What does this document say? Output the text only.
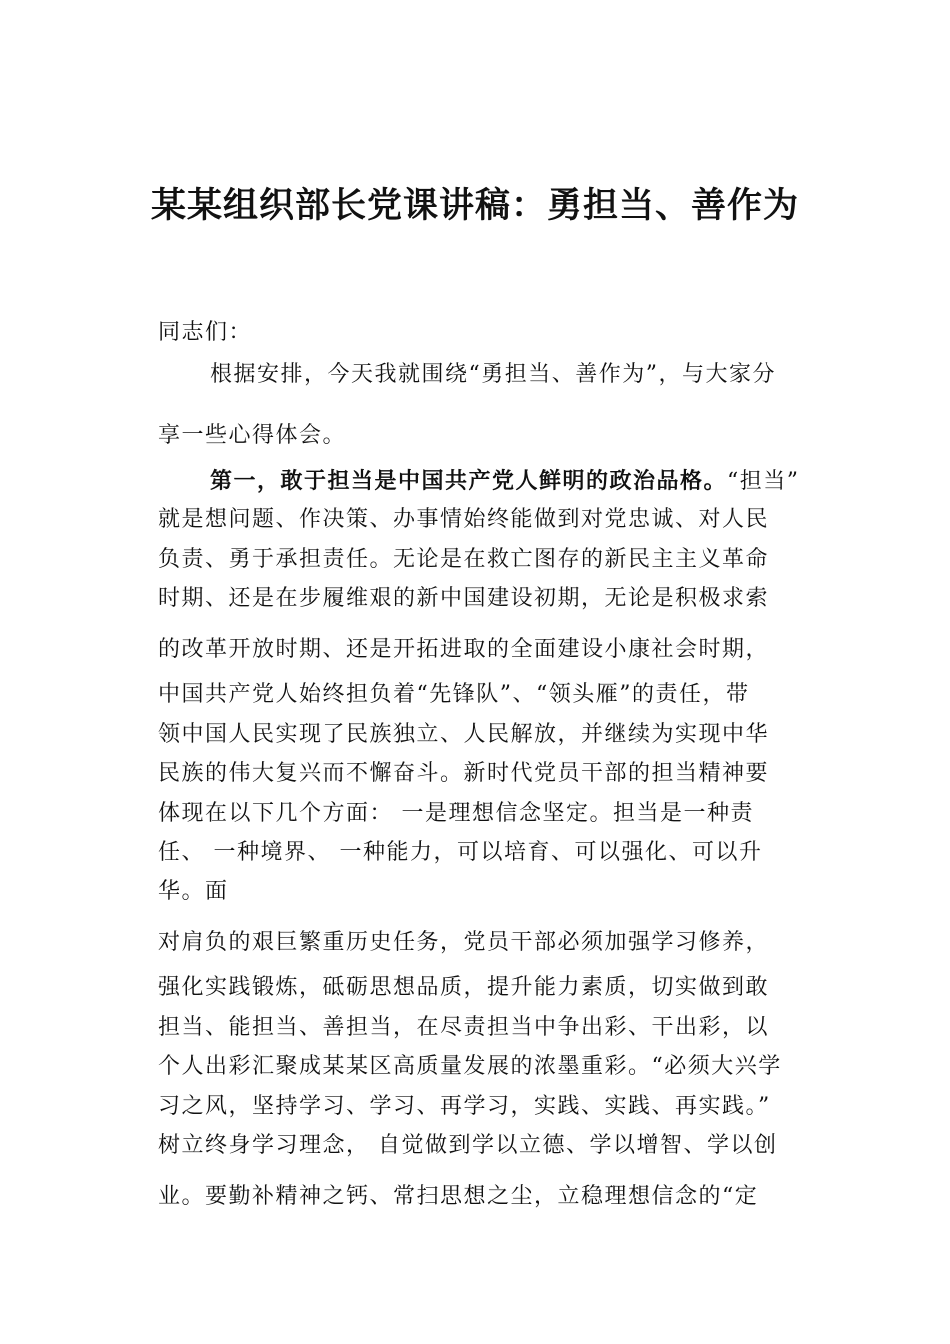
某某组织部长党课讲稿：勇担当、善作为
同志们：
根据安排，今天我就围绕“勇担当、善作为”，与大家分
享一些心得体会。
第一，敢于担当是中国共产党人鲜明的政治品格。“担当”
就是想问题、作决策、办事情始终能做到对党忠诚、对人民
负责、勇于承担责任。无论是在救亡图存的新民主主义革命
时期、还是在步履维艰的新中国建设初期，无论是积极求索
的改革开放时期、还是开拓进取的全面建设小康社会时期，
中国共产党人始终担负着“先锋队”、“领头雁”的责任，带
领中国人民实现了民族独立、人民解放，并继续为实现中华
民族的伟大复兴而不懈奋斗。新时代党员干部的担当精神要
体现在以下几个方面： 一是理想信念坚定。担当是一种责
任、 一种境界、 一种能力，可以培育、可以强化、可以升
华。面
对肩负的艰巨繁重历史任务，党员干部必须加强学习修养，
强化实践锻炼，砥砺思想品质，提升能力素质，切实做到敢
担当、能担当、善担当，在尽责担当中争出彩、干出彩，以
个人出彩汇聚成某某区高质量发展的浓墨重彩。“必须大兴学
习之风，坚持学习、学习、再学习，实践、实践、再实践。”
树立终身学习理念， 自觉做到学以立德、学以增智、学以创
业。要勤补精神之钙、常扫思想之尘，立稳理想信念的“定
